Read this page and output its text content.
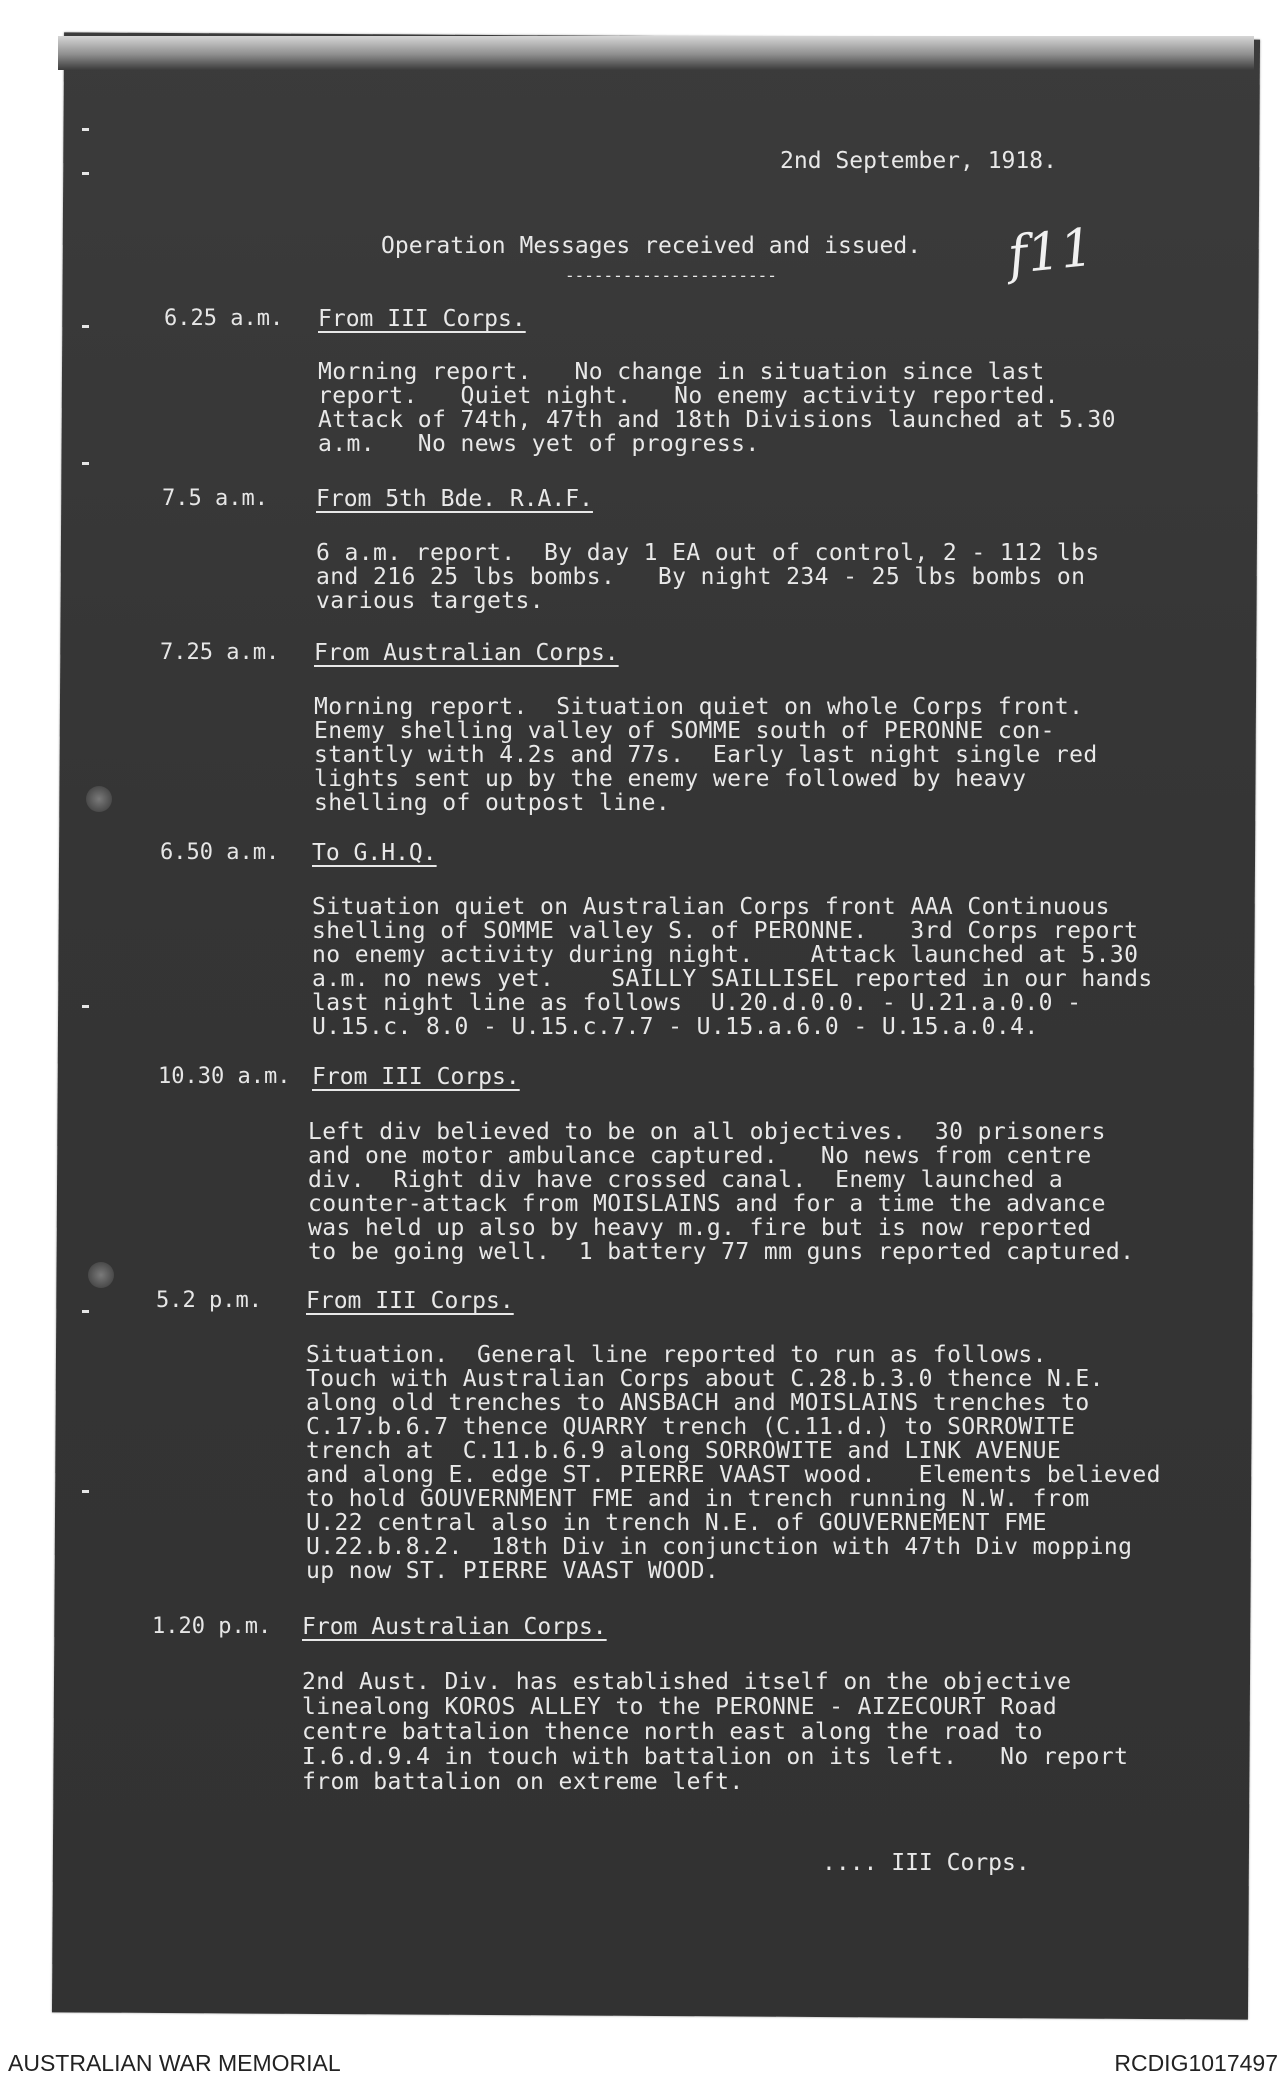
2nd September, 1918.
Operation Messages received and issued.
----------------------	f11
6.25 a.m. From III Corps.
Morning report.   No change in situation since last
report.   Quiet night.   No enemy activity reported.
Attack of 74th, 47th and 18th Divisions launched at 5.30
a.m.   No news yet of progress.
7.5 a.m. From 5th Bde. R.A.F.
6 a.m. report.  By day 1 EA out of control, 2 - 112 lbs
and 216 25 lbs bombs.   By night 234 - 25 lbs bombs on
various targets.
7.25 a.m. From Australian Corps.
Morning report.  Situation quiet on whole Corps front.
Enemy shelling valley of SOMME south of PERONNE con-
stantly with 4.2s and 77s.  Early last night single red
lights sent up by the enemy were followed by heavy
shelling of outpost line.
6.50 a.m. To G.H.Q.
Situation quiet on Australian Corps front AAA Continuous
shelling of SOMME valley S. of PERONNE.   3rd Corps report
no enemy activity during night.    Attack launched at 5.30
a.m. no news yet.    SAILLY SAILLISEL reported in our hands
last night line as follows  U.20.d.0.0. - U.21.a.0.0 -
U.15.c. 8.0 - U.15.c.7.7 - U.15.a.6.0 - U.15.a.0.4.
10.30 a.m. From III Corps.
Left div believed to be on all objectives.  30 prisoners
and one motor ambulance captured.   No news from centre
div.  Right div have crossed canal.  Enemy launched a
counter-attack from MOISLAINS and for a time the advance
was held up also by heavy m.g. fire but is now reported
to be going well.  1 battery 77 mm guns reported captured.
5.2 p.m. From III Corps.
Situation.  General line reported to run as follows.
Touch with Australian Corps about C.28.b.3.0 thence N.E.
along old trenches to ANSBACH and MOISLAINS trenches to
C.17.b.6.7 thence QUARRY trench (C.11.d.) to SORROWITE
trench at  C.11.b.6.9 along SORROWITE and LINK AVENUE
and along E. edge ST. PIERRE VAAST wood.   Elements believed
to hold GOUVERNMENT FME and in trench running N.W. from
U.22 central also in trench N.E. of GOUVERNEMENT FME
U.22.b.8.2.  18th Div in conjunction with 47th Div mopping
up now ST. PIERRE VAAST WOOD.
1.20 p.m. From Australian Corps.
2nd Aust. Div. has established itself on the objective
linealong KOROS ALLEY to the PERONNE - AIZECOURT Road
centre battalion thence north east along the road to
I.6.d.9.4 in touch with battalion on its left.   No report
from battalion on extreme left.
.... III Corps.
AUSTRALIAN WAR MEMORIAL	RCDIG1017497
